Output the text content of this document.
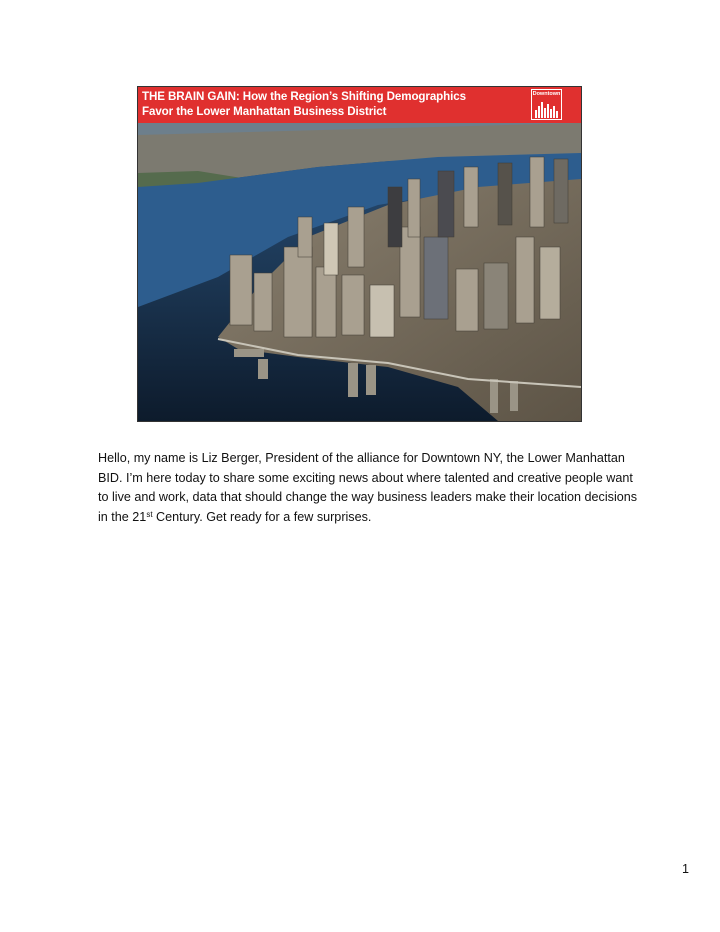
THE BRAIN GAIN: How the Region’s Shifting Demographics
Favor the Lower Manhattan Business District
Downtown

Hello, my name is Liz Berger, President of the alliance for Downtown NY, the Lower Manhattan BID. I’m here today to share some exciting news about where talented and creative people want to live and work, data that should change the way business leaders make their location decisions in the 21st Century. Get ready for a few surprises.

1
